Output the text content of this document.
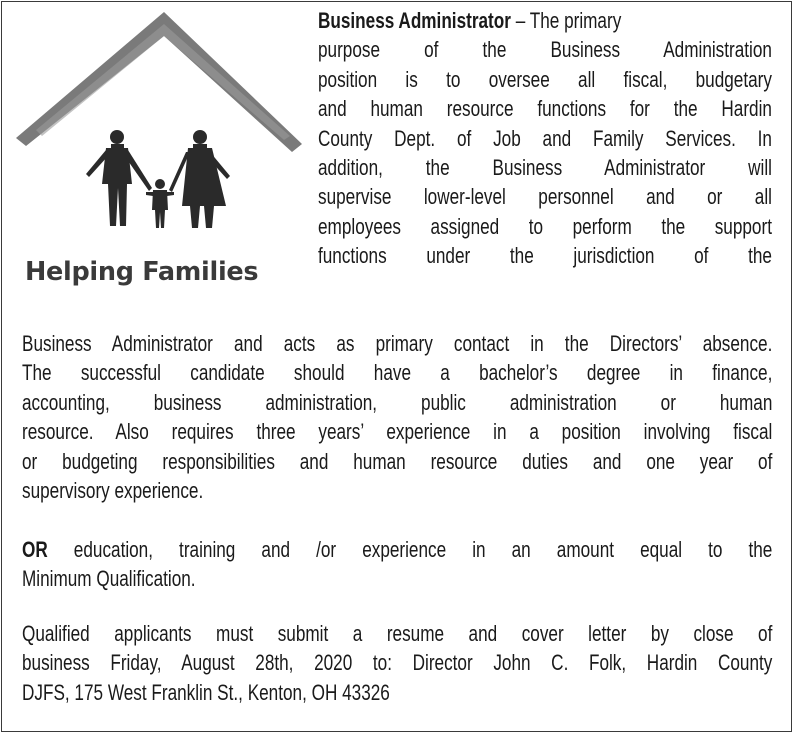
Helping Families
Business Administrator – The primary
purpose of the Business Administration
position is to oversee all fiscal, budgetary
and human resource functions for the Hardin
County Dept. of Job and Family Services. In
addition, the Business Administrator will
supervise lower-level personnel and or all
employees assigned to perform the support
functions under the jurisdiction of the
Business Administrator and acts as primary contact in the Directors’ absence.
The successful candidate should have a bachelor’s degree in finance,
accounting, business administration, public administration or human
resource. Also requires three years’ experience in a position involving fiscal
or budgeting responsibilities and human resource duties and one year of
supervisory experience.
OR education, training and /or experience in an amount equal to the
Minimum Qualification.
Qualified applicants must submit a resume and cover letter by close of
business Friday, August 28th, 2020 to: Director John C. Folk, Hardin County
DJFS, 175 West Franklin St., Kenton, OH 43326
